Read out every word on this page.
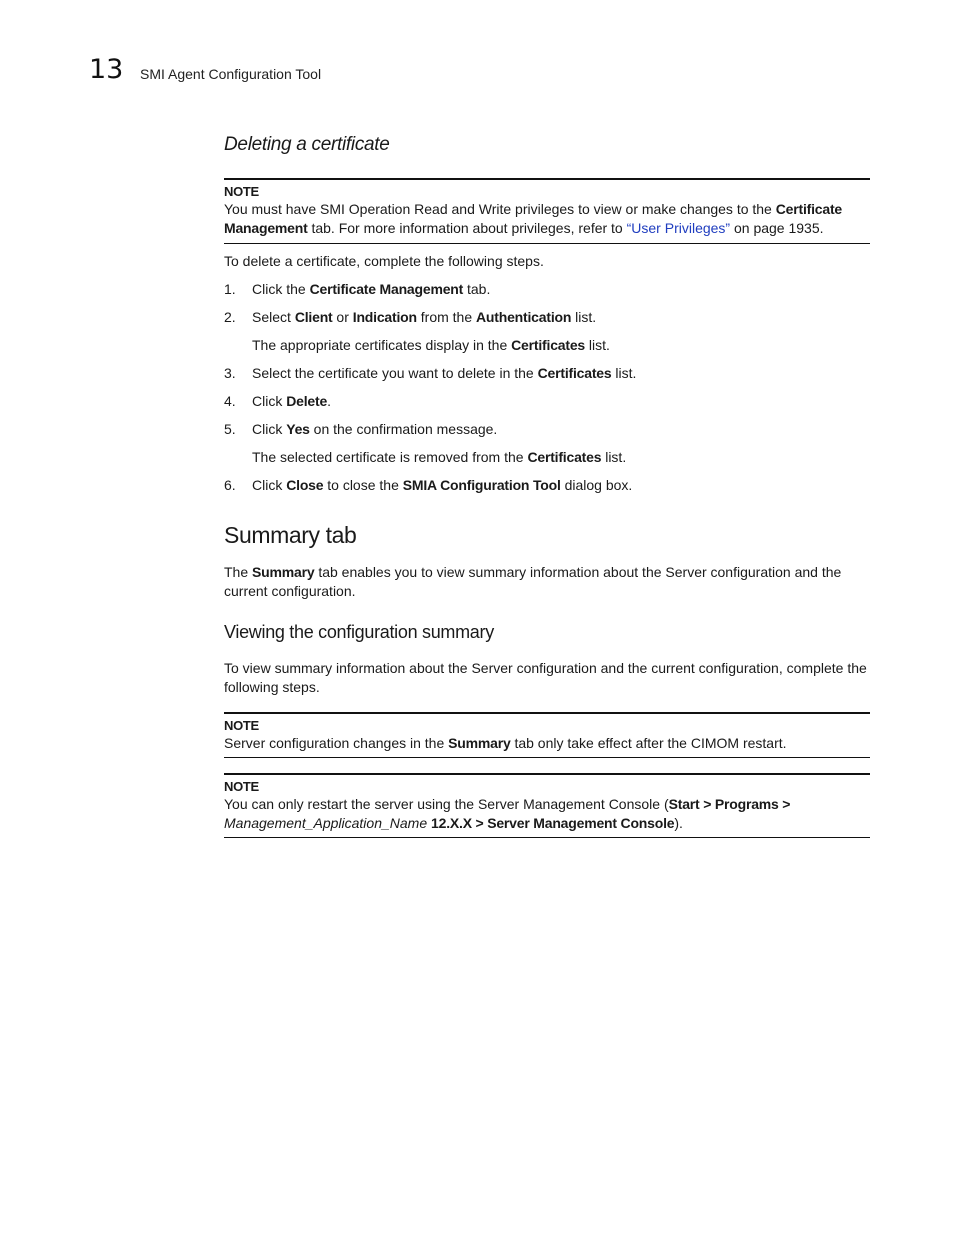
13 SMI Agent Configuration Tool
Deleting a certificate
NOTE

You must have SMI Operation Read and Write privileges to view or make changes to the Certificate Management tab. For more information about privileges, refer to “User Privileges” on page 1935.

To delete a certificate, complete the following steps.

1. Click the Certificate Management tab.
2. Select Client or Indication from the Authentication list.
The appropriate certificates display in the Certificates list.
3. Select the certificate you want to delete in the Certificates list.
4. Click Delete.
5. Click Yes on the confirmation message.
The selected certificate is removed from the Certificates list.
6. Click Close to close the SMIA Configuration Tool dialog box.
Summary tab

The Summary tab enables you to view summary information about the Server configuration and the current configuration.

Viewing the configuration summary

To view summary information about the Server configuration and the current configuration, complete the following steps.

NOTE

Server configuration changes in the Summary tab only take effect after the CIMOM restart.

NOTE

You can only restart the server using the Server Management Console (Start > Programs >
Management_Application_Name 12.X.X > Server Management Console).
